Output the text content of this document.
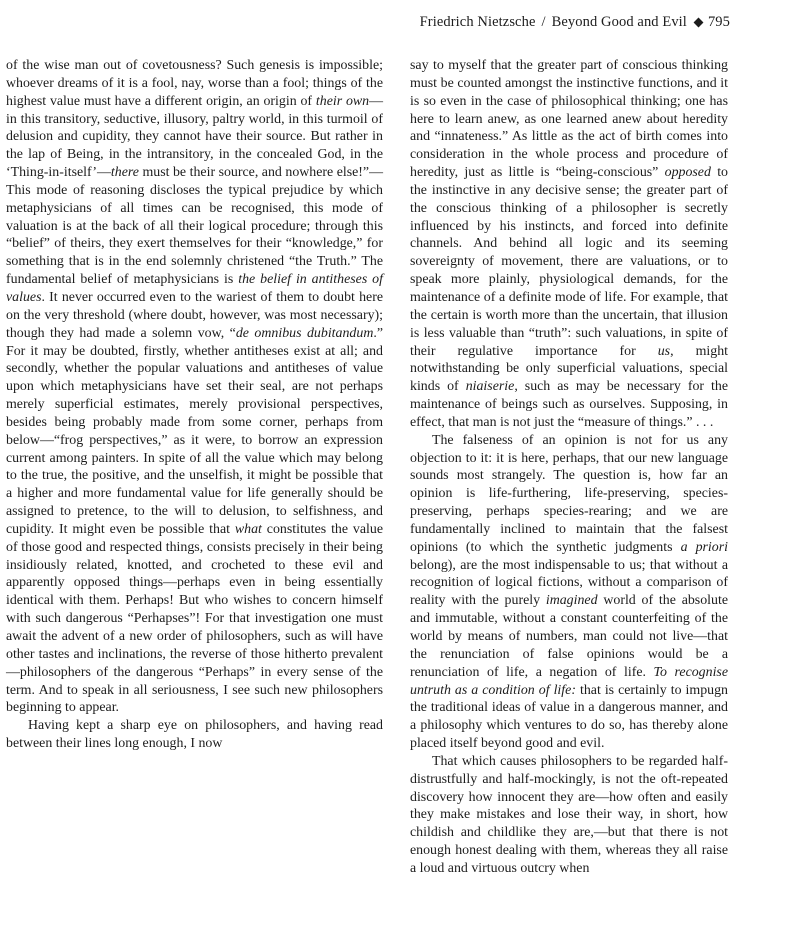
Friedrich Nietzsche / Beyond Good and Evil 795

of the wise man out of covetousness? Such genesis is impossible; whoever dreams of it is a fool, nay, worse than a fool; things of the highest value must have a different origin, an origin of their own—in this transitory, seductive, illusory, paltry world, in this turmoil of delusion and cupidity, they cannot have their source. But rather in the lap of Being, in the intransitory, in the concealed God, in the ‘Thing-in-itself’—there must be their source, and nowhere else!”—This mode of reasoning discloses the typical prejudice by which metaphysicians of all times can be recognised, this mode of valuation is at the back of all their logical procedure; through this “belief” of theirs, they exert themselves for their “knowledge,” for something that is in the end solemnly christened “the Truth.” The fundamental belief of metaphysicians is the belief in antitheses of values. It never occurred even to the wariest of them to doubt here on the very threshold (where doubt, however, was most necessary); though they had made a solemn vow, “de omnibus dubitandum.” For it may be doubted, firstly, whether antitheses exist at all; and secondly, whether the popular valuations and antitheses of value upon which metaphysicians have set their seal, are not perhaps merely superficial estimates, merely provisional perspectives, besides being probably made from some corner, perhaps from below—“frog perspectives,” as it were, to borrow an expression current among painters. In spite of all the value which may belong to the true, the positive, and the unselfish, it might be possible that a higher and more fundamental value for life generally should be assigned to pretence, to the will to delusion, to selfishness, and cupidity. It might even be possible that what constitutes the value of those good and respected things, consists precisely in their being insidiously related, knotted, and crocheted to these evil and apparently opposed things—perhaps even in being essentially identical with them. Perhaps! But who wishes to concern himself with such dangerous “Perhapses”! For that investigation one must await the advent of a new order of philosophers, such as will have other tastes and inclinations, the reverse of those hitherto prevalent—philosophers of the dangerous “Perhaps” in every sense of the term. And to speak in all seriousness, I see such new philosophers beginning to appear.

Having kept a sharp eye on philosophers, and having read between their lines long enough, I now

say to myself that the greater part of conscious thinking must be counted amongst the instinctive functions, and it is so even in the case of philosophical thinking; one has here to learn anew, as one learned anew about heredity and “innateness.” As little as the act of birth comes into consideration in the whole process and procedure of heredity, just as little is “being-conscious” opposed to the instinctive in any decisive sense; the greater part of the conscious thinking of a philosopher is secretly influenced by his instincts, and forced into definite channels. And behind all logic and its seeming sovereignty of movement, there are valuations, or to speak more plainly, physiological demands, for the maintenance of a definite mode of life. For example, that the certain is worth more than the uncertain, that illusion is less valuable than “truth”: such valuations, in spite of their regulative importance for us, might notwithstanding be only superficial valuations, special kinds of niaiserie, such as may be necessary for the maintenance of beings such as ourselves. Supposing, in effect, that man is not just the “measure of things.” . . .

The falseness of an opinion is not for us any objection to it: it is here, perhaps, that our new language sounds most strangely. The question is, how far an opinion is life-furthering, life-preserving, species-preserving, perhaps species-rearing; and we are fundamentally inclined to maintain that the falsest opinions (to which the synthetic judgments a priori belong), are the most indispensable to us; that without a recognition of logical fictions, without a comparison of reality with the purely imagined world of the absolute and immutable, without a constant counterfeiting of the world by means of numbers, man could not live—that the renunciation of false opinions would be a renunciation of life, a negation of life. To recognise untruth as a condition of life: that is certainly to impugn the traditional ideas of value in a dangerous manner, and a philosophy which ventures to do so, has thereby alone placed itself beyond good and evil.

That which causes philosophers to be regarded half-distrustfully and half-mockingly, is not the oft-repeated discovery how innocent they are—how often and easily they make mistakes and lose their way, in short, how childish and childlike they are,—but that there is not enough honest dealing with them, whereas they all raise a loud and virtuous outcry when
